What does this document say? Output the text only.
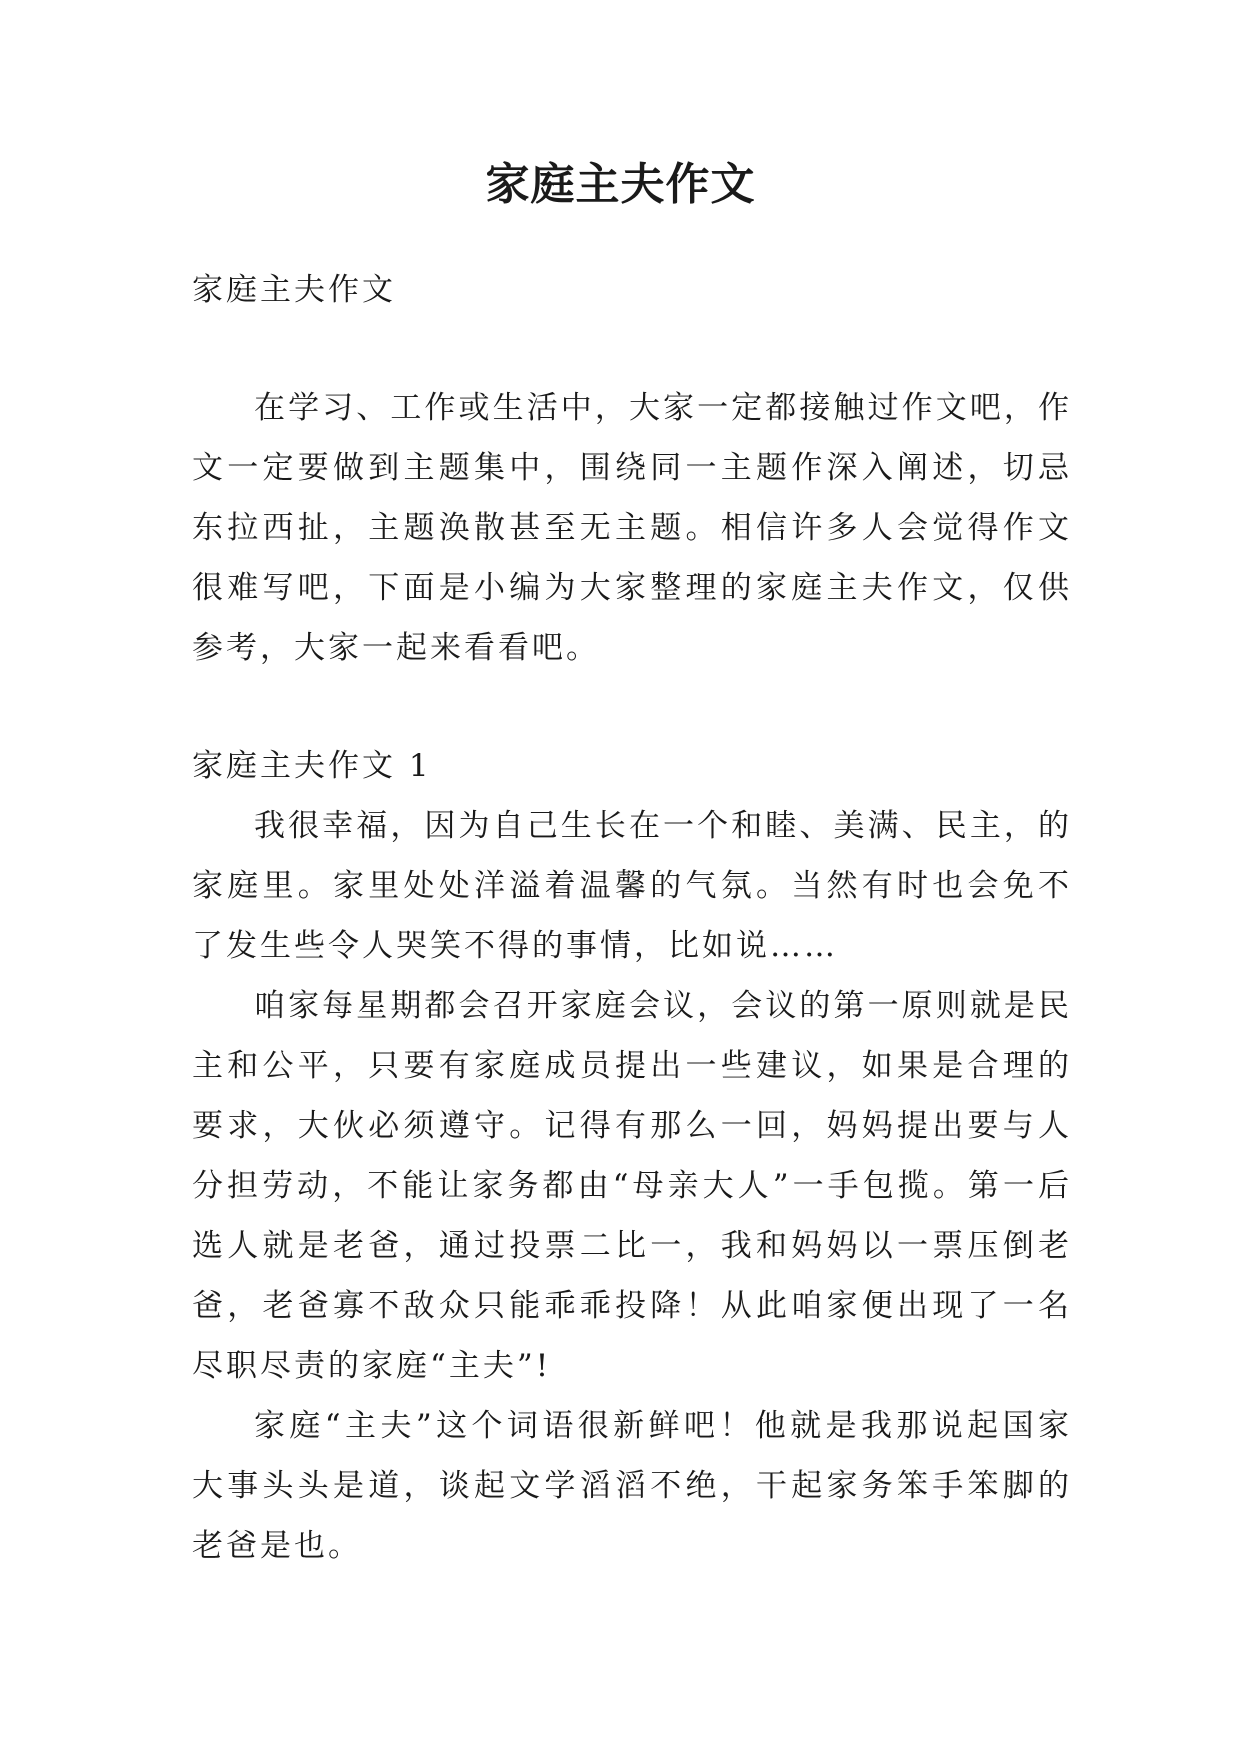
家庭主夫作文

家庭主夫作文

在学习、工作或生活中，大家一定都接触过作文吧，作文一定要做到主题集中，围绕同一主题作深入阐述，切忌东拉西扯，主题涣散甚至无主题。相信许多人会觉得作文很难写吧，下面是小编为大家整理的家庭主夫作文，仅供参考，大家一起来看看吧。

家庭主夫作文 1

我很幸福，因为自己生长在一个和睦、美满、民主，的家庭里。家里处处洋溢着温馨的气氛。当然有时也会免不了发生些令人哭笑不得的事情，比如说……

咱家每星期都会召开家庭会议，会议的第一原则就是民主和公平，只要有家庭成员提出一些建议，如果是合理的要求，大伙必须遵守。记得有那么一回，妈妈提出要与人分担劳动，不能让家务都由“母亲大人”一手包揽。第一后选人就是老爸，通过投票二比一，我和妈妈以一票压倒老爸，老爸寡不敌众只能乖乖投降！从此咱家便出现了一名尽职尽责的家庭“主夫”!

家庭“主夫”这个词语很新鲜吧！他就是我那说起国家大事头头是道，谈起文学滔滔不绝，干起家务笨手笨脚的老爸是也。
